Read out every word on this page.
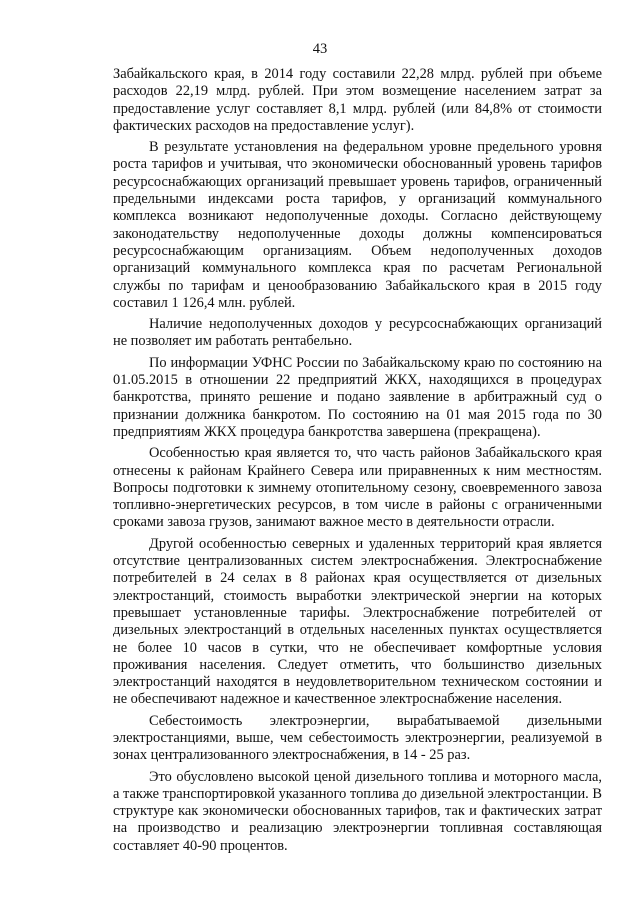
43

Забайкальского края, в 2014 году составили 22,28 млрд. рублей при объеме расходов 22,19 млрд. рублей. При этом возмещение населением затрат за предоставление услуг составляет 8,1 млрд. рублей (или 84,8% от стоимости фактических расходов на предоставление услуг).

В результате установления на федеральном уровне предельного уровня роста тарифов и учитывая, что экономически обоснованный уровень тарифов ресурсоснабжающих организаций превышает уровень тарифов, ограниченный предельными индексами роста тарифов, у организаций коммунального комплекса возникают недополученные доходы. Согласно действующему законодательству недополученные доходы должны компенсироваться ресурсоснабжающим организациям. Объем недополученных доходов организаций коммунального комплекса края по расчетам Региональной службы по тарифам и ценообразованию Забайкальского края в 2015 году составил 1 126,4 млн. рублей.

Наличие недополученных доходов у ресурсоснабжающих организаций не позволяет им работать рентабельно.

По информации УФНС России по Забайкальскому краю по состоянию на 01.05.2015 в отношении 22 предприятий ЖКХ, находящихся в процедурах банкротства, принято решение и подано заявление в арбитражный суд о признании должника банкротом. По состоянию на 01 мая 2015 года по 30 предприятиям ЖКХ процедура банкротства завершена (прекращена).

Особенностью края является то, что часть районов Забайкальского края отнесены к районам Крайнего Севера или приравненных к ним местностям. Вопросы подготовки к зимнему отопительному сезону, своевременного завоза топливно-энергетических ресурсов, в том числе в районы с ограниченными сроками завоза грузов, занимают важное место в деятельности отрасли.

Другой особенностью северных и удаленных территорий края является отсутствие централизованных систем электроснабжения. Электроснабжение потребителей в 24 селах в 8 районах края осуществляется от дизельных электростанций, стоимость выработки электрической энергии на которых превышает установленные тарифы. Электроснабжение потребителей от дизельных электростанций в отдельных населенных пунктах осуществляется не более 10 часов в сутки, что не обеспечивает комфортные условия проживания населения. Следует отметить, что большинство дизельных электростанций находятся в неудовлетворительном техническом состоянии и не обеспечивают надежное и качественное электроснабжение населения.

Себестоимость электроэнергии, вырабатываемой дизельными электростанциями, выше, чем себестоимость электроэнергии, реализуемой в зонах централизованного электроснабжения, в 14 - 25 раз.

Это обусловлено высокой ценой дизельного топлива и моторного масла, а также транспортировкой указанного топлива до дизельной электростанции. В структуре как экономически обоснованных тарифов, так и фактических затрат на производство и реализацию электроэнергии топливная составляющая составляет 40-90 процентов.
